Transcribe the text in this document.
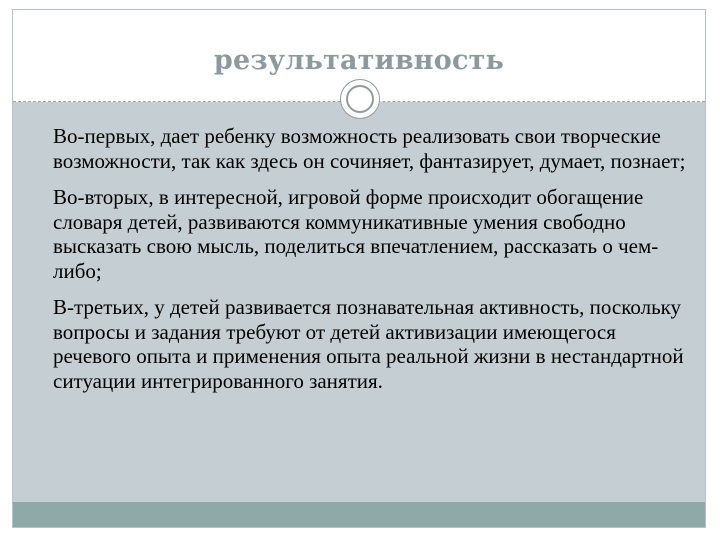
результативность

Во-первых, дает ребенку возможность реализовать свои творческие возможности, так как здесь он сочиняет, фантазирует, думает, познает;

Во-вторых, в интересной, игровой форме происходит обогащение словаря детей, развиваются коммуникативные умения свободно высказать свою мысль, поделиться впечатлением, рассказать о чем- либо;

В-третьих, у детей развивается познавательная активность, поскольку вопросы и задания требуют от детей активизации имеющегося речевого опыта и применения опыта реальной жизни в нестандартной ситуации интегрированного занятия.
